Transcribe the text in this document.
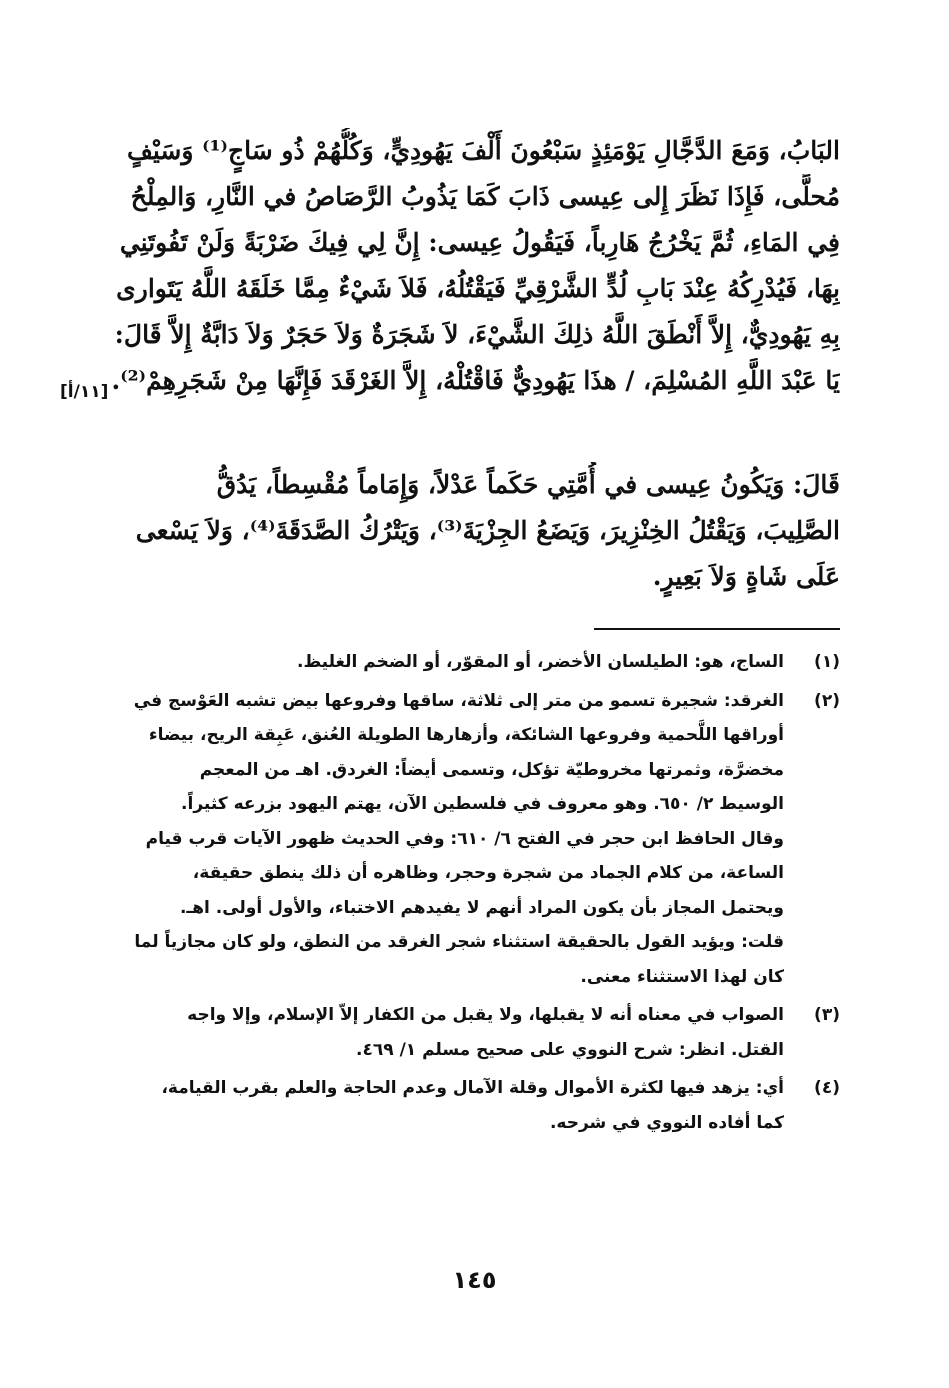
البَابُ، وَمَعَ الدَّجَّالِ يَوْمَئِذٍ سَبْعُونَ أَلْفَ يَهُودِيٍّ، وَكُلُّهُمْ ذُو سَاجٍ⁽¹⁾ وَسَيْفٍ
مُحلًّى، فَإِذَا نَظَرَ إِلى عِيسى ذَابَ كَمَا يَذُوبُ الرَّصَاصُ في النَّارِ، وَالمِلْحُ
فِي المَاءِ، ثُمَّ يَخْرُجُ هَارِباً، فَيَقُولُ عِيسى: إِنَّ لِي فِيكَ ضَرْبَةً وَلَنْ تَفُوتَنِي
بِهَا، فَيُدْرِكُهُ عِنْدَ بَابِ لُدٍّ الشَّرْقِيِّ فَيَقْتُلُهُ، فَلاَ شَيْءٌ مِمَّا خَلَقَهُ اللَّهُ يَتَوارى
بِهِ يَهُودِيٌّ، إِلاَّ أَنْطَقَ اللَّهُ ذلِكَ الشَّيْءَ، لاَ شَجَرَةٌ وَلاَ حَجَرٌ وَلاَ دَابَّةٌ إِلاَّ قَالَ:
يَا عَبْدَ اللَّهِ المُسْلِمَ، / هذَا يَهُودِيٌّ فَاقْتُلْهُ، إِلاَّ الغَرْقَدَ فَإِنَّهَا مِنْ شَجَرِهِمْ⁽²⁾.
[١١/أ]
قَالَ: وَيَكُونُ عِيسى في أُمَّتِي حَكَماً عَدْلاً، وَإِمَاماً مُقْسِطاً، يَدُقُّ
الصَّلِيبَ، وَيَقْتُلُ الخِنْزِيرَ، وَيَضَعُ الجِزْيَةَ⁽³⁾، وَيَتْرُكُ الصَّدَقَةَ⁽⁴⁾، وَلاَ يَسْعى
عَلَى شَاةٍ وَلاَ بَعِيرٍ.
(١)
الساج، هو: الطيلسان الأخضر، أو المقوّر، أو الضخم الغليظ.
(٢)
الغرقد: شجيرة تسمو من متر إلى ثلاثة، ساقها وفروعها بيض تشبه العَوْسج في
أوراقها اللَّحمية وفروعها الشائكة، وأزهارها الطويلة العُنق، عَبِقة الريح، بيضاء
مخضرَّة، وثمرتها مخروطيّة تؤكل، وتسمى أيضاً: الغردق. اهـ من المعجم
الوسيط ٢/ ٦٥٠. وهو معروف في فلسطين الآن، يهتم اليهود بزرعه كثيراً.
وقال الحافظ ابن حجر في الفتح ٦/ ٦١٠: وفي الحديث ظهور الآيات قرب قيام
الساعة، من كلام الجماد من شجرة وحجر، وظاهره أن ذلك ينطق حقيقة،
ويحتمل المجاز بأن يكون المراد أنهم لا يفيدهم الاختباء، والأول أولى. اهـ.
قلت: ويؤيد القول بالحقيقة استثناء شجر الغرقد من النطق، ولو كان مجازياً لما
كان لهذا الاستثناء معنى.
(٣)
الصواب في معناه أنه لا يقبلها، ولا يقبل من الكفار إلاّ الإسلام، وإلا واجه
القتل. انظر: شرح النووي على صحيح مسلم ١/ ٤٦٩.
(٤)
أي: يزهد فيها لكثرة الأموال وقلة الآمال وعدم الحاجة والعلم بقرب القيامة،
كما أفاده النووي في شرحه.
١٤٥
